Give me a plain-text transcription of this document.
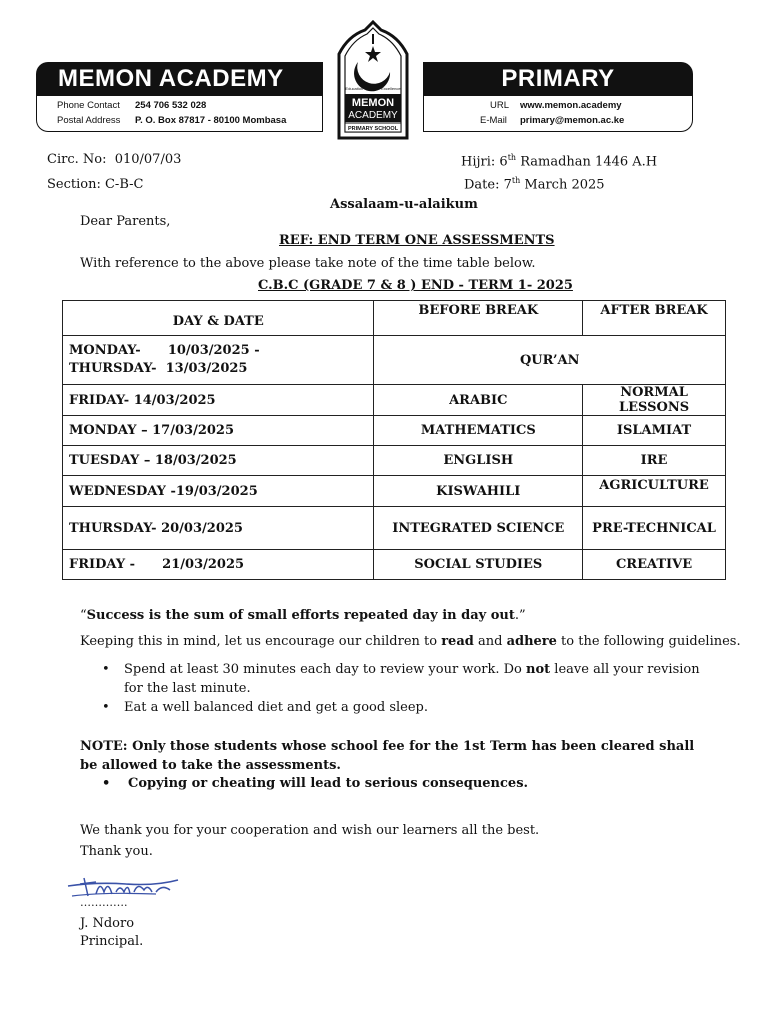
MEMON ACADEMY	PRIMARY
Phone Contact 254 706 532 028
Postal Address P. O. Box 87817 - 80100 Mombasa
URL www.memon.academy
E-Mail primary@memon.ac.ke
Education · Ethics · Excellence
MEMON
ACADEMY
PRIMARY SCHOOL
Circ. No: 010/07/03
Section: C-B-C
Hijri: 6th Ramadhan 1446 A.H
Date: 7th March 2025
Assalaam-u-alaikum
Dear Parents,
REF: END TERM ONE ASSESSMENTS
With reference to the above please take note of the time table below.
C.B.C (GRADE 7 & 8 ) END - TERM 1- 2025
DAY & DATE	BEFORE BREAK	AFTER BREAK
MONDAY-      10/03/2025 -
THURSDAY-  13/03/2025	QUR’AN	
FRIDAY- 14/03/2025	ARABIC	NORMAL LESSONS
MONDAY – 17/03/2025	MATHEMATICS	ISLAMIAT
TUESDAY – 18/03/2025	ENGLISH	IRE
WEDNESDAY -19/03/2025	KISWAHILI	AGRICULTURE
THURSDAY- 20/03/2025	INTEGRATED SCIENCE	PRE-TECHNICAL
FRIDAY -      21/03/2025	SOCIAL STUDIES	CREATIVE
“Success is the sum of small efforts repeated day in day out.”
Keeping this in mind, let us encourage our children to read and adhere to the following guidelines.
• Spend at least 30 minutes each day to review your work. Do not leave all your revision for the last minute.
• Eat a well balanced diet and get a good sleep.
NOTE: Only those students whose school fee for the 1st Term has been cleared shall be allowed to take the assessments.
• Copying or cheating will lead to serious consequences.
We thank you for your cooperation and wish our learners all the best.
Thank you.
………….
J. Ndoro
Principal.
